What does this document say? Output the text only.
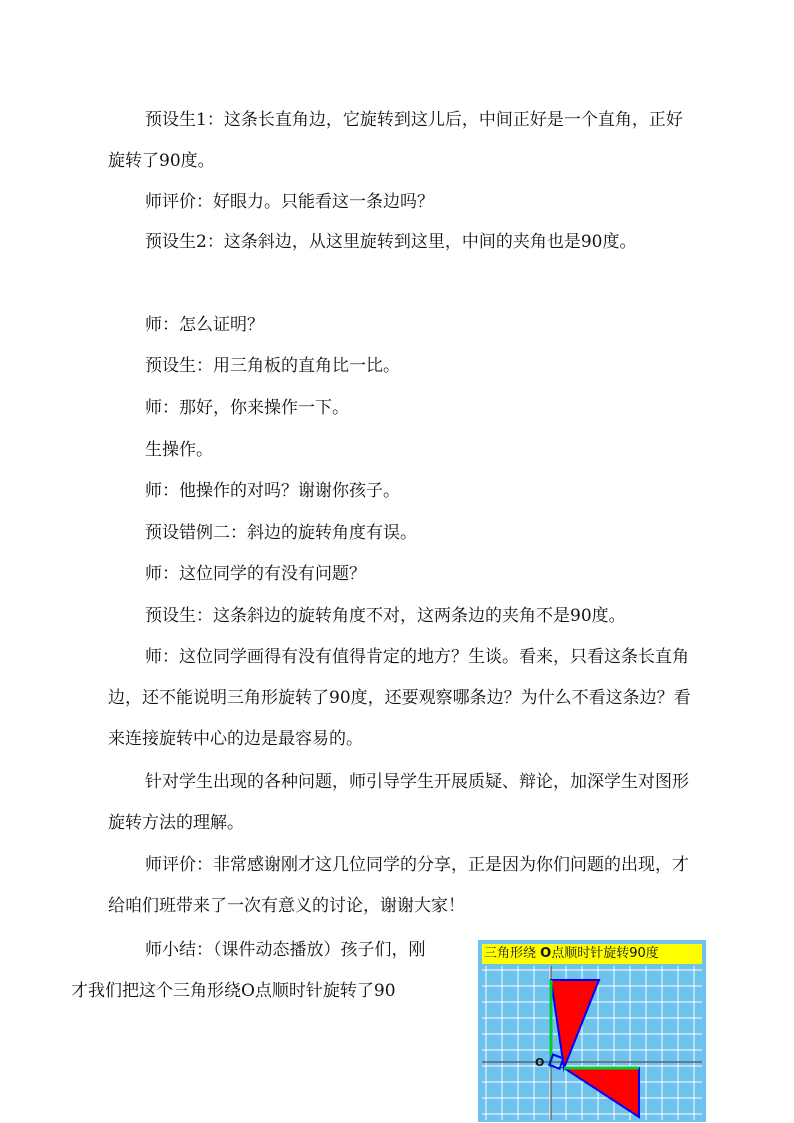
预设生1：这条长直角边，它旋转到这儿后，中间正好是一个直角，正好旋转了90度。

师评价：好眼力。只能看这一条边吗？

预设生2：这条斜边，从这里旋转到这里，中间的夹角也是90度。

师：怎么证明？

预设生：用三角板的直角比一比。

师：那好，你来操作一下。

生操作。

师：他操作的对吗？谢谢你孩子。

预设错例二：斜边的旋转角度有误。

师：这位同学的有没有问题？

预设生：这条斜边的旋转角度不对，这两条边的夹角不是90度。

师：这位同学画得有没有值得肯定的地方？生谈。看来，只看这条长直角边，还不能说明三角形旋转了90度，还要观察哪条边？为什么不看这条边？看来连接旋转中心的边是最容易的。

针对学生出现的各种问题，师引导学生开展质疑、辩论，加深学生对图形旋转方法的理解。

师评价：非常感谢刚才这几位同学的分享，正是因为你们问题的出现，才给咱们班带来了一次有意义的讨论，谢谢大家！

师小结：（课件动态播放）孩子们，刚
才我们把这个三角形绕O点顺时针旋转了90

O
三角形绕 O点顺时针旋转90度
